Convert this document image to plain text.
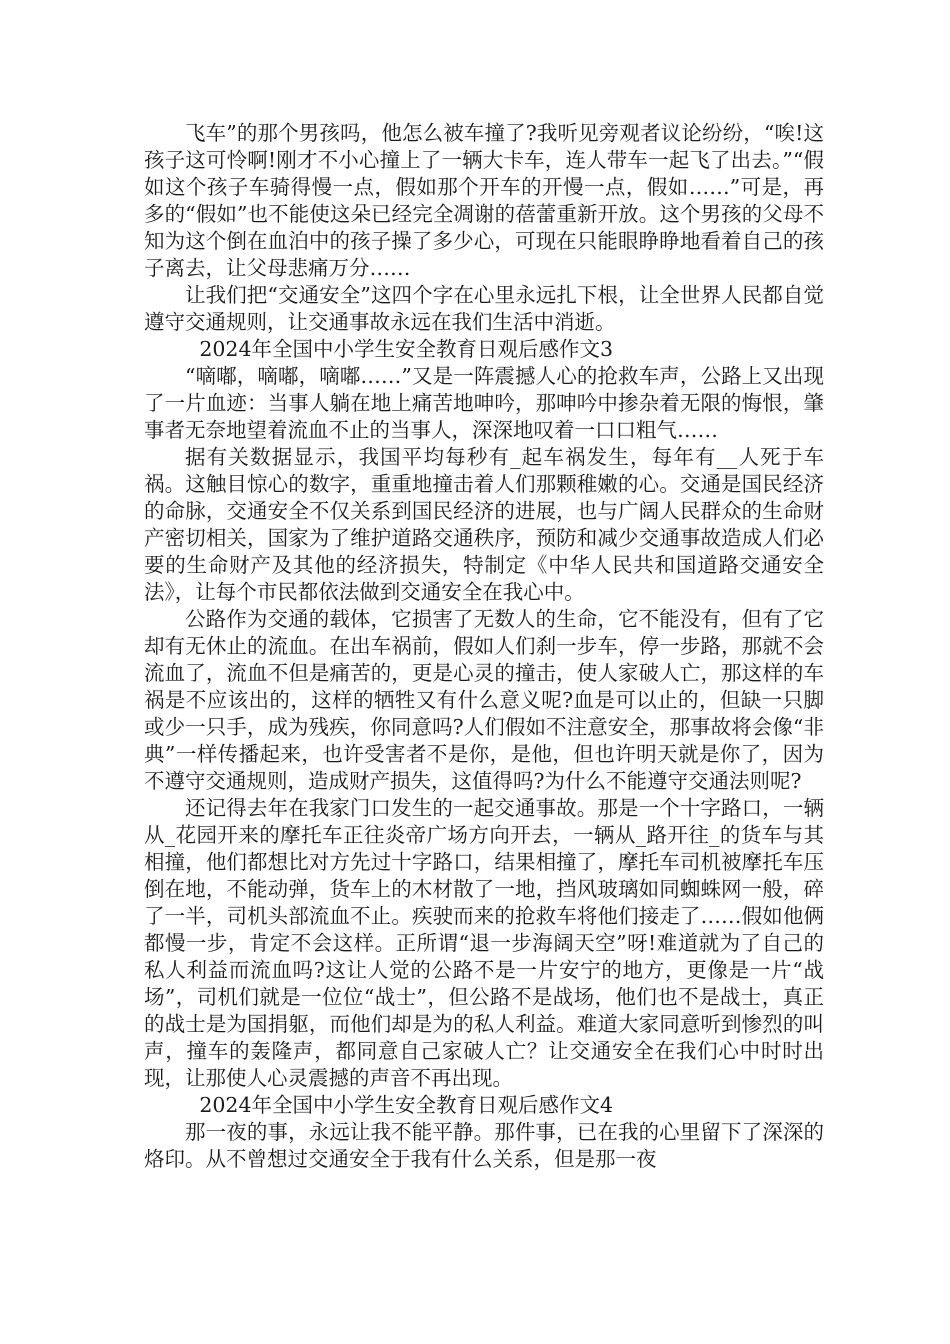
飞车”的那个男孩吗，他怎么被车撞了?我听见旁观者议论纷纷，“唉!这孩子这可怜啊!刚才不小心撞上了一辆大卡车，连人带车一起飞了出去。”“假如这个孩子车骑得慢一点，假如那个开车的开慢一点，假如……”可是，再多的“假如”也不能使这朵已经完全凋谢的蓓蕾重新开放。这个男孩的父母不知为这个倒在血泊中的孩子操了多少心，可现在只能眼睁睁地看着自己的孩子离去，让父母悲痛万分……

让我们把“交通安全”这四个字在心里永远扎下根，让全世界人民都自觉遵守交通规则，让交通事故永远在我们生活中消逝。

2024年全国中小学生安全教育日观后感作文3

“嘀嘟，嘀嘟，嘀嘟……”又是一阵震撼人心的抢救车声，公路上又出现了一片血迹：当事人躺在地上痛苦地呻吟，那呻吟中掺杂着无限的悔恨，肇事者无奈地望着流血不止的当事人，深深地叹着一口口粗气……

据有关数据显示，我国平均每秒有_起车祸发生，每年有__人死于车祸。这触目惊心的数字，重重地撞击着人们那颗稚嫩的心。交通是国民经济的命脉，交通安全不仅关系到国民经济的进展，也与广阔人民群众的生命财产密切相关，国家为了维护道路交通秩序，预防和减少交通事故造成人们必要的生命财产及其他的经济损失，特制定《中华人民共和国道路交通安全法》，让每个市民都依法做到交通安全在我心中。

公路作为交通的载体，它损害了无数人的生命，它不能没有，但有了它却有无休止的流血。在出车祸前，假如人们刹一步车，停一步路，那就不会流血了，流血不但是痛苦的，更是心灵的撞击，使人家破人亡，那这样的车祸是不应该出的，这样的牺牲又有什么意义呢?血是可以止的，但缺一只脚或少一只手，成为残疾，你同意吗?人们假如不注意安全，那事故将会像“非典”一样传播起来，也许受害者不是你，是他，但也许明天就是你了，因为不遵守交通规则，造成财产损失，这值得吗?为什么不能遵守交通法则呢?

还记得去年在我家门口发生的一起交通事故。那是一个十字路口，一辆从_花园开来的摩托车正往炎帝广场方向开去，一辆从_路开往_的货车与其相撞，他们都想比对方先过十字路口，结果相撞了，摩托车司机被摩托车压倒在地，不能动弹，货车上的木材散了一地，挡风玻璃如同蜘蛛网一般，碎了一半，司机头部流血不止。疾驶而来的抢救车将他们接走了……假如他俩都慢一步，肯定不会这样。正所谓“退一步海阔天空”呀!难道就为了自己的私人利益而流血吗?这让人觉的公路不是一片安宁的地方，更像是一片“战场”，司机们就是一位位“战士”，但公路不是战场，他们也不是战士，真正的战士是为国捐躯，而他们却是为的私人利益。难道大家同意听到惨烈的叫声，撞车的轰隆声，都同意自己家破人亡？让交通安全在我们心中时时出现，让那使人心灵震撼的声音不再出现。

2024年全国中小学生安全教育日观后感作文4

那一夜的事，永远让我不能平静。那件事，已在我的心里留下了深深的烙印。从不曾想过交通安全于我有什么关系，但是那一夜
